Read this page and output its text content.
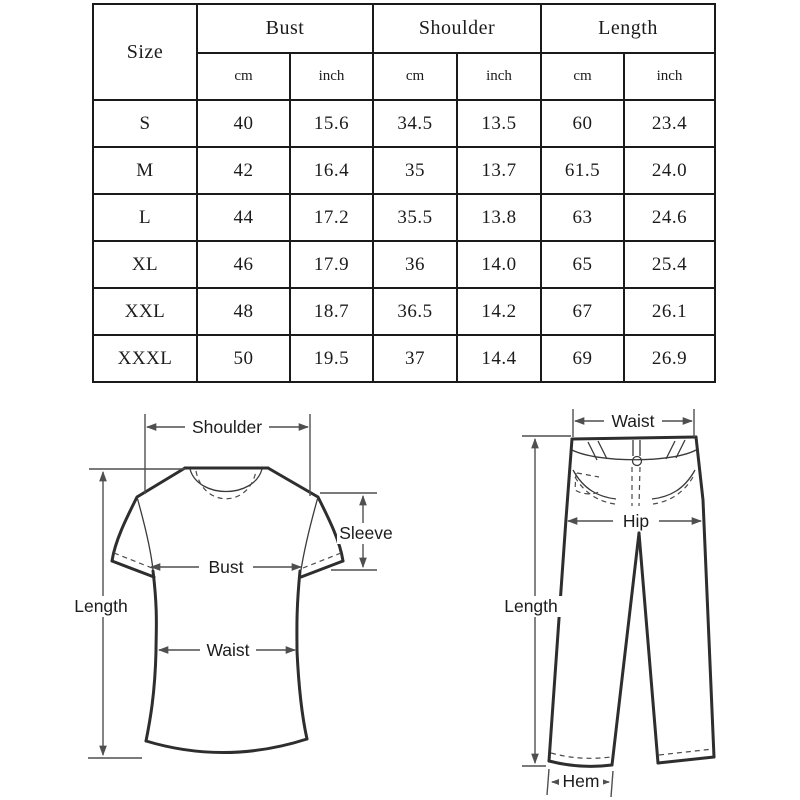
Size	Bust		Shoulder		Length	
	cm	inch	cm	inch	cm	inch
S	40	15.6	34.5	13.5	60	23.4
M	42	16.4	35	13.7	61.5	24.0
L	44	17.2	35.5	13.8	63	24.6
XL	46	17.9	36	14.0	65	25.4
XXL	48	18.7	36.5	14.2	67	26.1
XXXL	50	19.5	37	14.4	69	26.9
Shoulder
Length
Sleeve
Bust
Waist
Waist
Hip
Length
Hem
